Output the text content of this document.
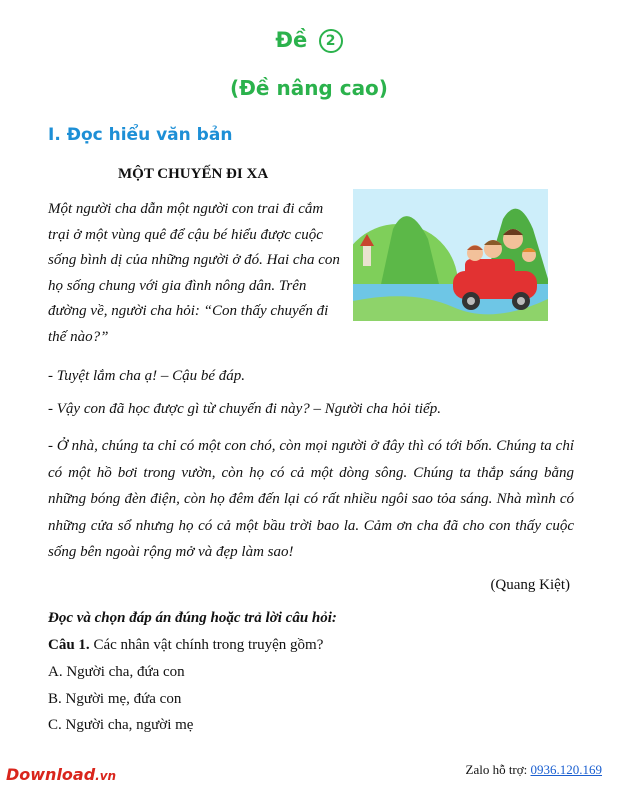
Đề 2
(Đề nâng cao)
I. Đọc hiểu văn bản
MỘT CHUYẾN ĐI XA
Một người cha dẫn một người con trai đi cắm trại ở một vùng quê để cậu bé hiểu được cuộc sống bình dị của những người ở đó. Hai cha con họ sống chung với gia đình nông dân. Trên đường về, người cha hỏi: “Con thấy chuyến đi thế nào?”
- Tuyệt lắm cha ạ! – Cậu bé đáp.
- Vậy con đã học được gì từ chuyến đi này? – Người cha hỏi tiếp.
- Ở nhà, chúng ta chỉ có một con chó, còn mọi người ở đây thì có tới bốn. Chúng ta chỉ có một hồ bơi trong vườn, còn họ có cả một dòng sông. Chúng ta thắp sáng bằng những bóng đèn điện, còn họ đêm đến lại có rất nhiều ngôi sao tỏa sáng. Nhà mình có những cửa sổ nhưng họ có cả một bầu trời bao la. Cảm ơn cha đã cho con thấy cuộc sống bên ngoài rộng mở và đẹp làm sao!
(Quang Kiệt)
Đọc và chọn đáp án đúng hoặc trả lời câu hỏi:
Câu 1. Các nhân vật chính trong truyện gồm?
A. Người cha, đứa con
B. Người mẹ, đứa con
C. Người cha, người mẹ
Download.vn	Zalo hỗ trợ: 0936.120.169
